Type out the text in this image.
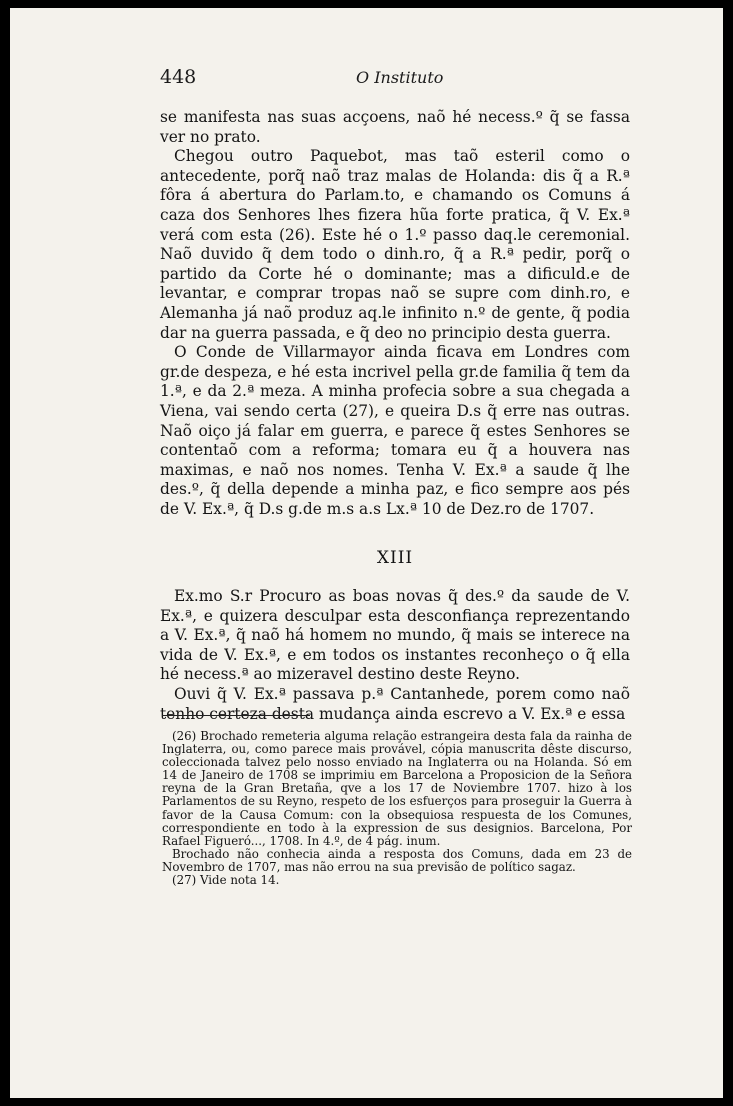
448	O Instituto

se manifesta nas suas acçoens, naõ hé necess.º q̃ se fassa ver no prato.

Chegou outro Paquebot, mas taõ esteril como o antecedente, porq̃ naõ traz malas de Holanda: dis q̃ a R.ª fôra á abertura do Parlam.to, e chamando os Comuns á caza dos Senhores lhes fizera hũa forte pratica, q̃ V. Ex.ª verá com esta (26). Este hé o 1.º passo daq.le ceremonial. Naõ duvido q̃ dem todo o dinh.ro, q̃ a R.ª pedir, porq̃ o partido da Corte hé o dominante; mas a dificuld.e de levantar, e comprar tropas naõ se supre com dinh.ro, e Alemanha já naõ produz aq.le infinito n.º de gente, q̃ podia dar na guerra passada, e q̃ deo no principio desta guerra.

O Conde de Villarmayor ainda ficava em Londres com gr.de despeza, e hé esta incrivel pella gr.de familia q̃ tem da 1.ª, e da 2.ª meza. A minha profecia sobre a sua chegada a Viena, vai sendo certa (27), e queira D.s q̃ erre nas outras. Naõ oiço já falar em guerra, e parece q̃ estes Senhores se contentaõ com a reforma; tomara eu q̃ a houvera nas maximas, e naõ nos nomes. Tenha V. Ex.ª a saude q̃ lhe des.º, q̃ della depende a minha paz, e fico sempre aos pés de V. Ex.ª, q̃ D.s g.de m.s a.s Lx.ª 10 de Dez.ro de 1707.

XIII

Ex.mo S.r Procuro as boas novas q̃ des.º da saude de V. Ex.ª, e quizera desculpar esta desconfiança reprezentando a V. Ex.ª, q̃ naõ há homem no mundo, q̃ mais se interece na vida de V. Ex.ª, e em todos os instantes reconheço o q̃ ella hé necess.ª ao mizeravel destino deste Reyno.

Ouvi q̃ V. Ex.ª passava p.ª Cantanhede, porem como naõ tenho certeza desta mudança ainda escrevo a V. Ex.ª e essa

(26) Brochado remeteria alguma relação estrangeira desta fala da rainha de Inglaterra, ou, como parece mais provável, cópia manuscrita dêste discurso, coleccionada talvez pelo nosso enviado na Inglaterra ou na Holanda. Só em 14 de Janeiro de 1708 se imprimiu em Barcelona a Proposicion de la Señora reyna de la Gran Bretaña, qve a los 17 de Noviembre 1707. hizo à los Parlamentos de su Reyno, respeto de los esfuerços para proseguir la Guerra à favor de la Causa Comum: con la obsequiosa respuesta de los Comunes, correspondiente en todo à la expression de sus designios. Barcelona, Por Rafael Figueró..., 1708. In 4.º, de 4 pág. inum.

Brochado não conhecia ainda a resposta dos Comuns, dada em 23 de Novembro de 1707, mas não errou na sua previsão de político sagaz.

(27) Vide nota 14.
